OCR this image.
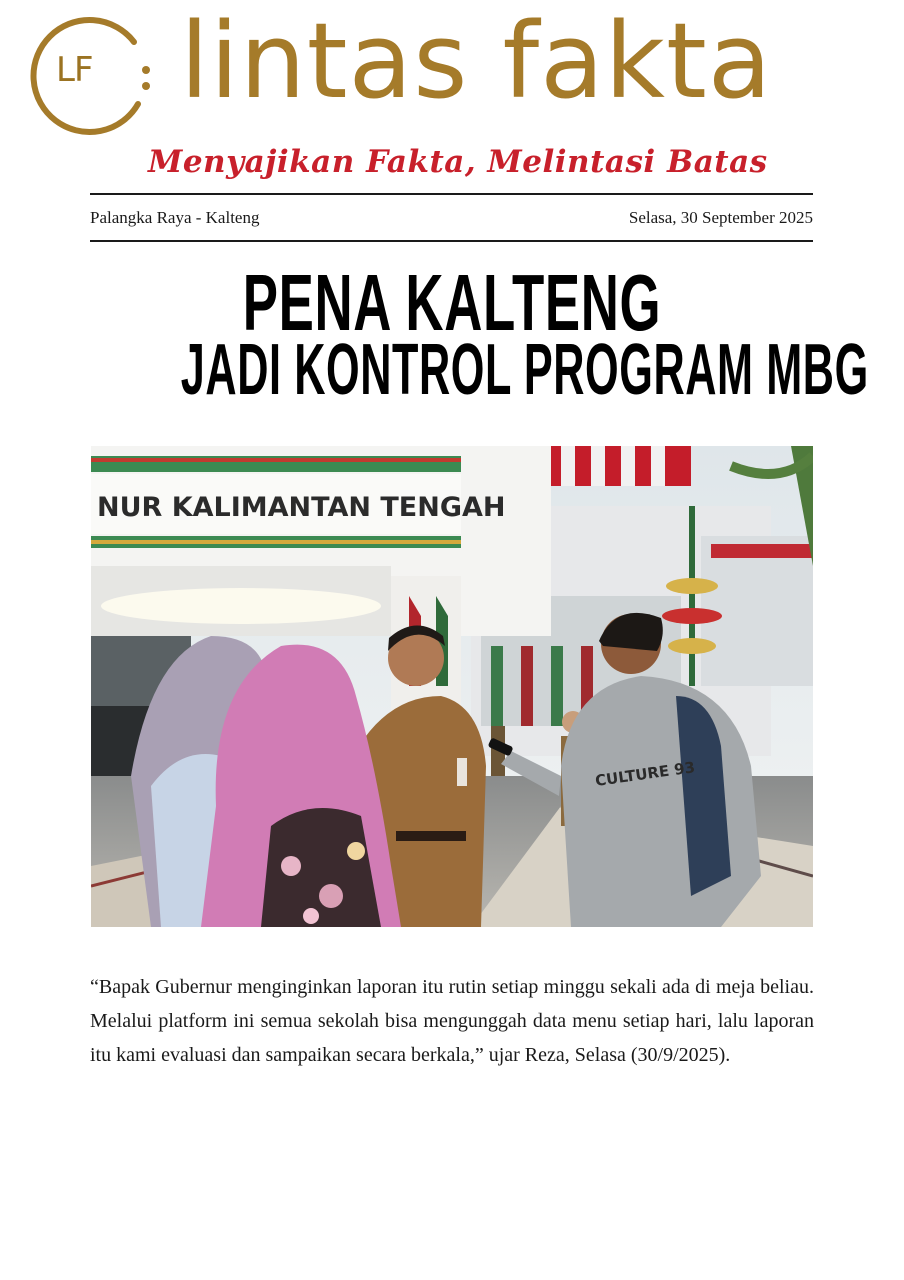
LF lintas fakta
Menyajikan Fakta, Melintasi Batas
Palangka Raya - Kalteng	Selasa, 30 September 2025
PENA KALTENG
JADI KONTROL PROGRAM MBG
NUR KALIMANTAN TENGAH
CULTURE 93
“Bapak Gubernur menginginkan laporan itu rutin setiap minggu sekali ada di meja beliau. Melalui platform ini semua sekolah bisa mengunggah data menu setiap hari, lalu laporan itu kami evaluasi dan sampaikan secara berkala,” ujar Reza, Selasa (30/9/2025).
